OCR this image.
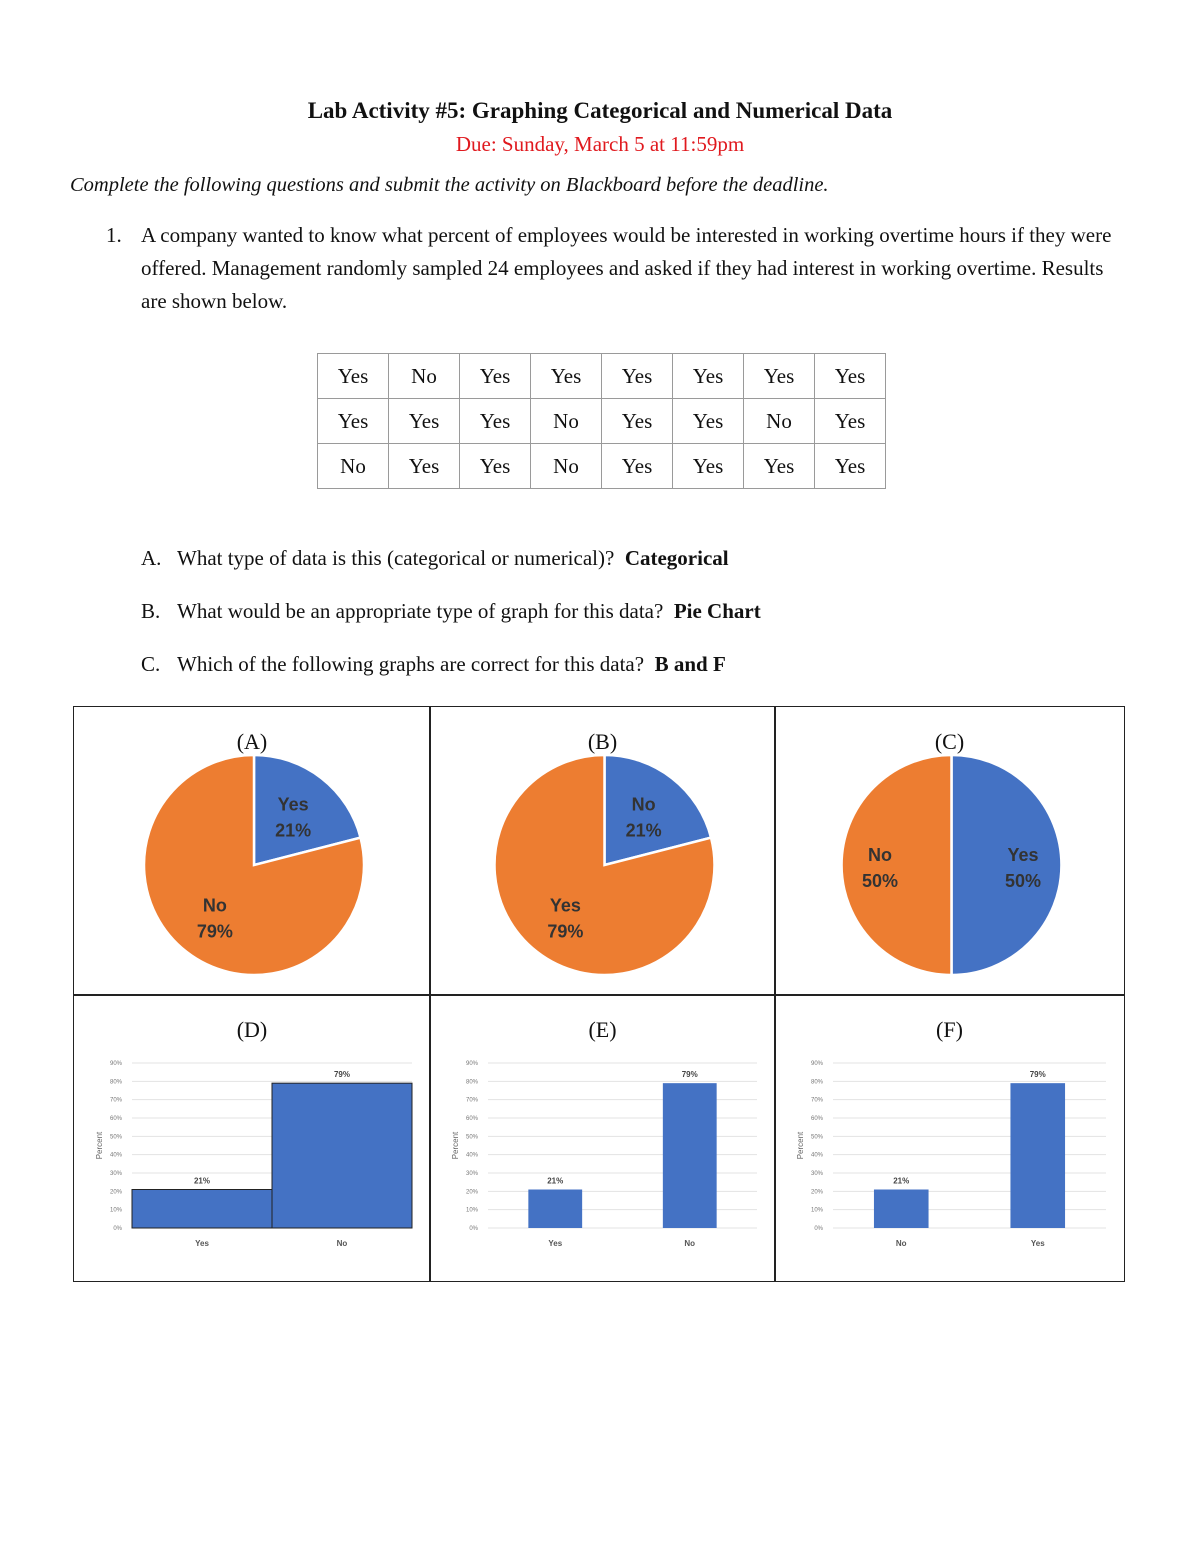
Lab Activity #5: Graphing Categorical and Numerical Data
Due: Sunday, March 5 at 11:59pm
Complete the following questions and submit the activity on Blackboard before the deadline.
1. A company wanted to know what percent of employees would be interested in working overtime hours if they were offered. Management randomly sampled 24 employees and asked if they had interest in working overtime. Results are shown below.
Yes	No	Yes	Yes	Yes	Yes	Yes	Yes
Yes	Yes	Yes	No	Yes	Yes	No	Yes
No	Yes	Yes	No	Yes	Yes	Yes	Yes
A. What type of data is this (categorical or numerical)? Categorical
B. What would be an appropriate type of graph for this data? Pie Chart
C. Which of the following graphs are correct for this data? B and F
(A)
Yes
21%
No
79%
(B)
No
21%
Yes
79%
(C)
Yes
50%
No
50%
(D)
0%
10%
20%
30%
40%
50%
60%
70%
80%
90%
Percent
21%
Yes
79%
No
(E)
0%
10%
20%
30%
40%
50%
60%
70%
80%
90%
Percent
21%
Yes
79%
No
(F)
0%
10%
20%
30%
40%
50%
60%
70%
80%
90%
Percent
21%
No
79%
Yes
